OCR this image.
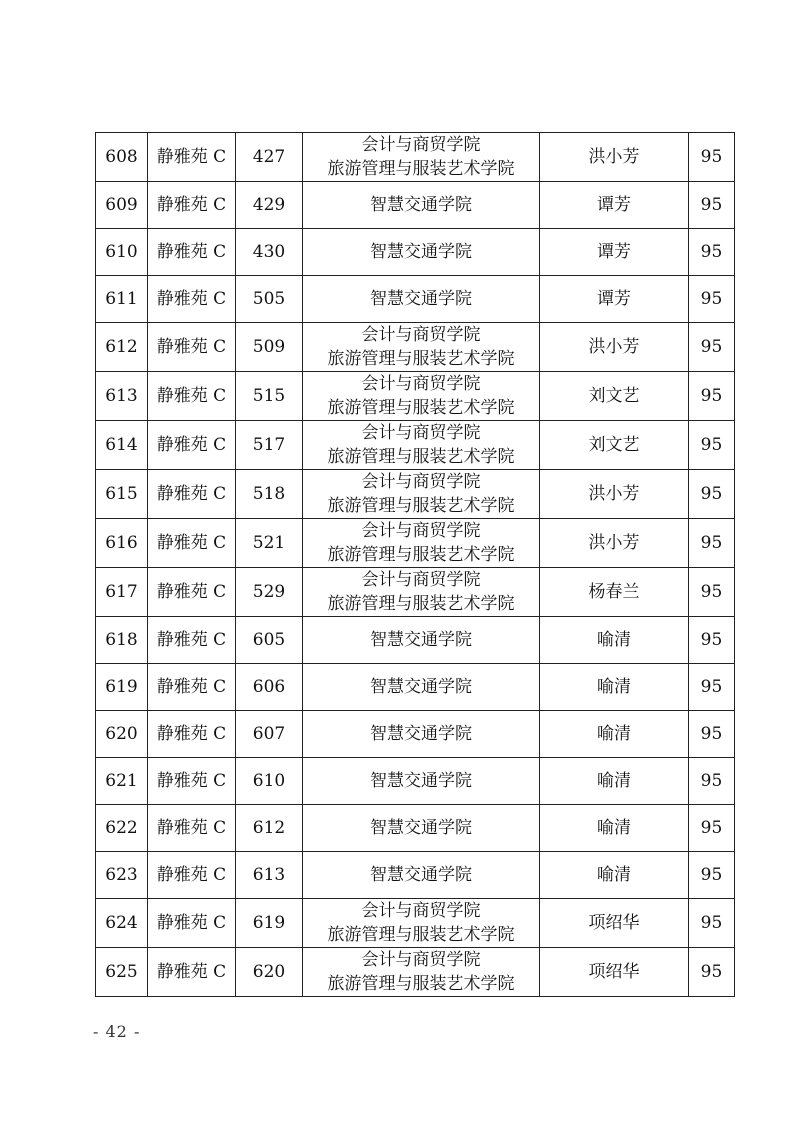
608	静雅苑 C	427	会计与商贸学院
旅游管理与服装艺术学院	洪小芳	95
609	静雅苑 C	429	智慧交通学院	谭芳	95
610	静雅苑 C	430	智慧交通学院	谭芳	95
611	静雅苑 C	505	智慧交通学院	谭芳	95
612	静雅苑 C	509	会计与商贸学院
旅游管理与服装艺术学院	洪小芳	95
613	静雅苑 C	515	会计与商贸学院
旅游管理与服装艺术学院	刘文艺	95
614	静雅苑 C	517	会计与商贸学院
旅游管理与服装艺术学院	刘文艺	95
615	静雅苑 C	518	会计与商贸学院
旅游管理与服装艺术学院	洪小芳	95
616	静雅苑 C	521	会计与商贸学院
旅游管理与服装艺术学院	洪小芳	95
617	静雅苑 C	529	会计与商贸学院
旅游管理与服装艺术学院	杨春兰	95
618	静雅苑 C	605	智慧交通学院	喻清	95
619	静雅苑 C	606	智慧交通学院	喻清	95
620	静雅苑 C	607	智慧交通学院	喻清	95
621	静雅苑 C	610	智慧交通学院	喻清	95
622	静雅苑 C	612	智慧交通学院	喻清	95
623	静雅苑 C	613	智慧交通学院	喻清	95
624	静雅苑 C	619	会计与商贸学院
旅游管理与服装艺术学院	项绍华	95
625	静雅苑 C	620	会计与商贸学院
旅游管理与服装艺术学院	项绍华	95
- 42 -
